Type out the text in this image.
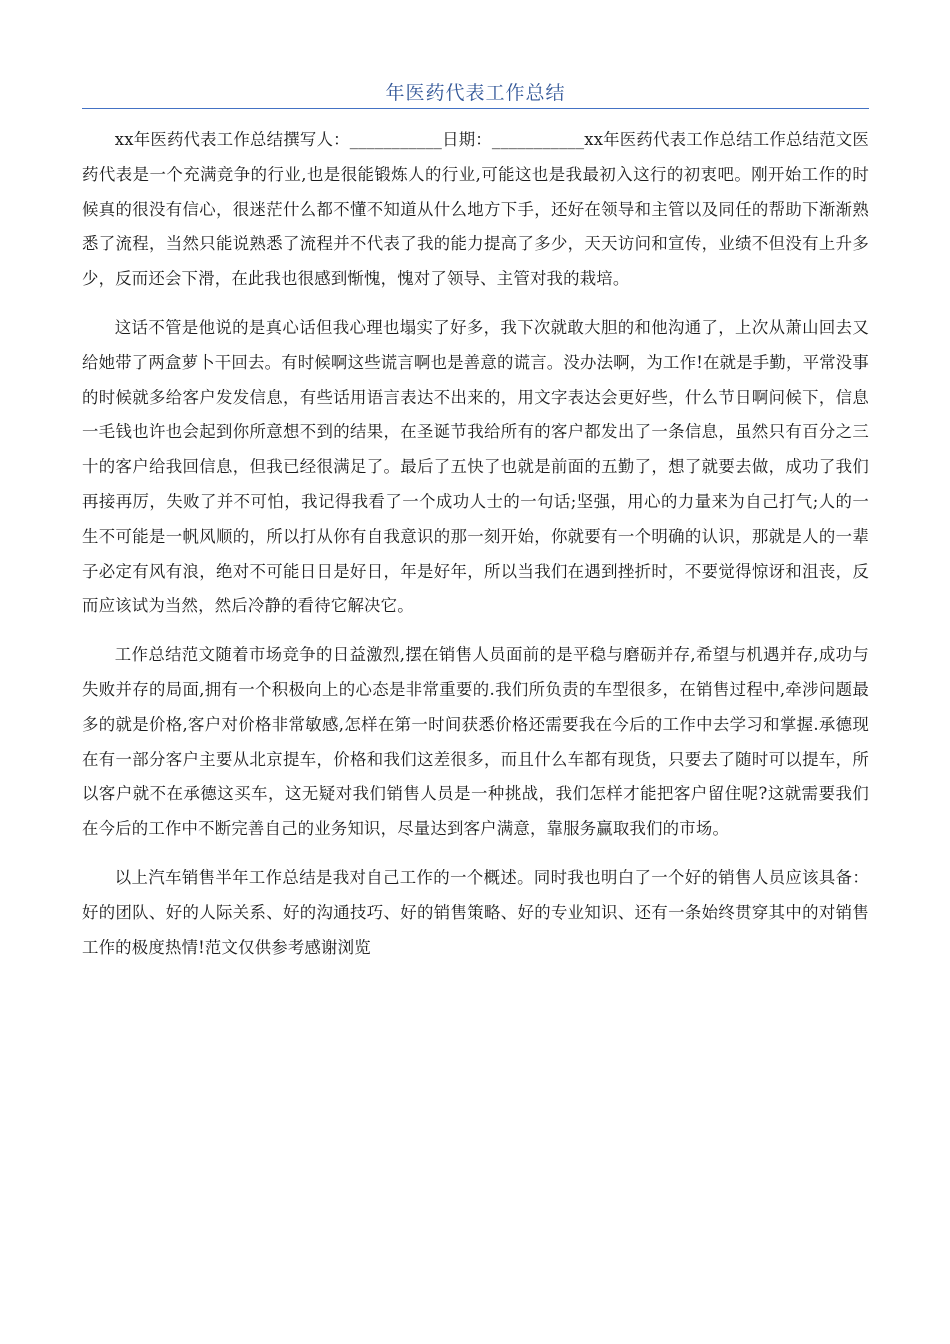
年医药代表工作总结

xx年医药代表工作总结撰写人：___________日期：___________xx年医药代表工作总结工作总结范文医药代表是一个充满竞争的行业,也是很能锻炼人的行业,可能这也是我最初入这行的初衷吧。刚开始工作的时候真的很没有信心，很迷茫什么都不懂不知道从什么地方下手，还好在领导和主管以及同任的帮助下渐渐熟悉了流程，当然只能说熟悉了流程并不代表了我的能力提高了多少，天天访问和宣传，业绩不但没有上升多少，反而还会下滑，在此我也很感到惭愧，愧对了领导、主管对我的栽培。

这话不管是他说的是真心话但我心理也塌实了好多，我下次就敢大胆的和他沟通了，上次从萧山回去又给她带了两盒萝卜干回去。有时候啊这些谎言啊也是善意的谎言。没办法啊，为工作!在就是手勤，平常没事的时候就多给客户发发信息，有些话用语言表达不出来的，用文字表达会更好些，什么节日啊问候下，信息一毛钱也许也会起到你所意想不到的结果，在圣诞节我给所有的客户都发出了一条信息，虽然只有百分之三十的客户给我回信息，但我已经很满足了。最后了五快了也就是前面的五勤了，想了就要去做，成功了我们再接再厉，失败了并不可怕，我记得我看了一个成功人士的一句话;坚强，用心的力量来为自己打气;人的一生不可能是一帆风顺的，所以打从你有自我意识的那一刻开始，你就要有一个明确的认识，那就是人的一辈子必定有风有浪，绝对不可能日日是好日，年是好年，所以当我们在遇到挫折时，不要觉得惊讶和沮丧，反而应该试为当然，然后冷静的看待它解决它。

工作总结范文随着市场竞争的日益激烈,摆在销售人员面前的是平稳与磨砺并存,希望与机遇并存,成功与失败并存的局面,拥有一个积极向上的心态是非常重要的.我们所负责的车型很多，在销售过程中,牵涉问题最多的就是价格,客户对价格非常敏感,怎样在第一时间获悉价格还需要我在今后的工作中去学习和掌握.承德现在有一部分客户主要从北京提车，价格和我们这差很多，而且什么车都有现货，只要去了随时可以提车，所以客户就不在承德这买车，这无疑对我们销售人员是一种挑战，我们怎样才能把客户留住呢?这就需要我们在今后的工作中不断完善自己的业务知识，尽量达到客户满意，靠服务赢取我们的市场。

以上汽车销售半年工作总结是我对自己工作的一个概述。同时我也明白了一个好的销售人员应该具备：好的团队、好的人际关系、好的沟通技巧、好的销售策略、好的专业知识、还有一条始终贯穿其中的对销售工作的极度热情!范文仅供参考感谢浏览
